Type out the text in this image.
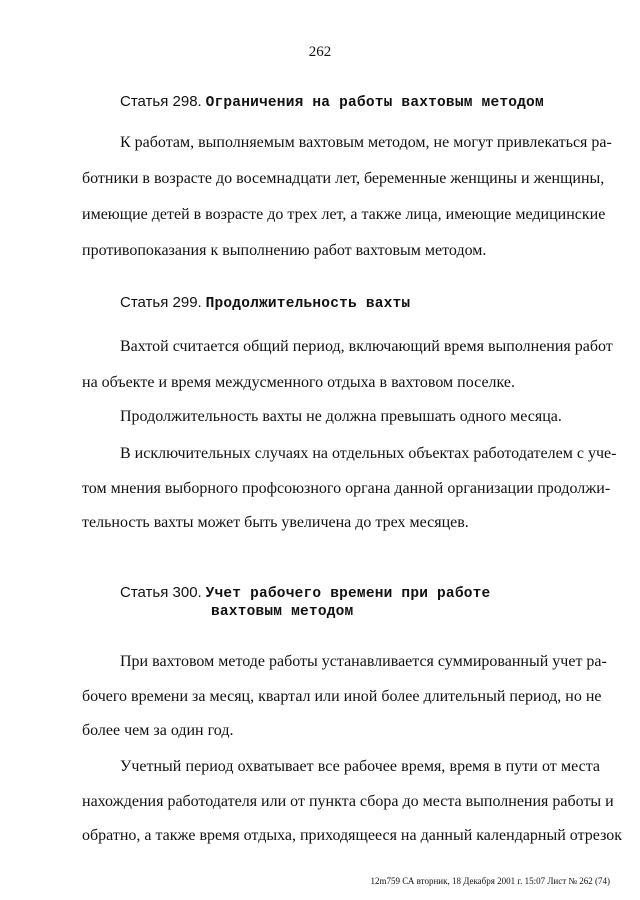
262
Статья 298. Ограничения на работы вахтовым методом
К работам, выполняемым вахтовым методом, не могут привлекаться ра-
ботники в возрасте до восемнадцати лет, беременные женщины и женщины,
имеющие детей в возрасте до трех лет, а также лица, имеющие медицинские
противопоказания к выполнению работ вахтовым методом.
Статья 299. Продолжительность вахты
Вахтой считается общий период, включающий время выполнения работ
на объекте и время междусменного отдыха в вахтовом поселке.
Продолжительность вахты не должна превышать одного месяца.
В исключительных случаях на отдельных объектах работодателем с уче-
том мнения выборного профсоюзного органа данной организации продолжи-
тельность вахты может быть увеличена до трех месяцев.
Статья 300. Учет рабочего времени при работе
вахтовым методом
При вахтовом методе работы устанавливается суммированный учет ра-
бочего времени за месяц, квартал или иной более длительный период, но не
более чем за один год.
Учетный период охватывает все рабочее время, время в пути от места
нахождения работодателя или от пункта сбора до места выполнения работы и
обратно, а также время отдыха, приходящееся на данный календарный отрезок
12m759 СА вторник, 18 Декабря 2001 г. 15:07 Лист № 262 (74)
